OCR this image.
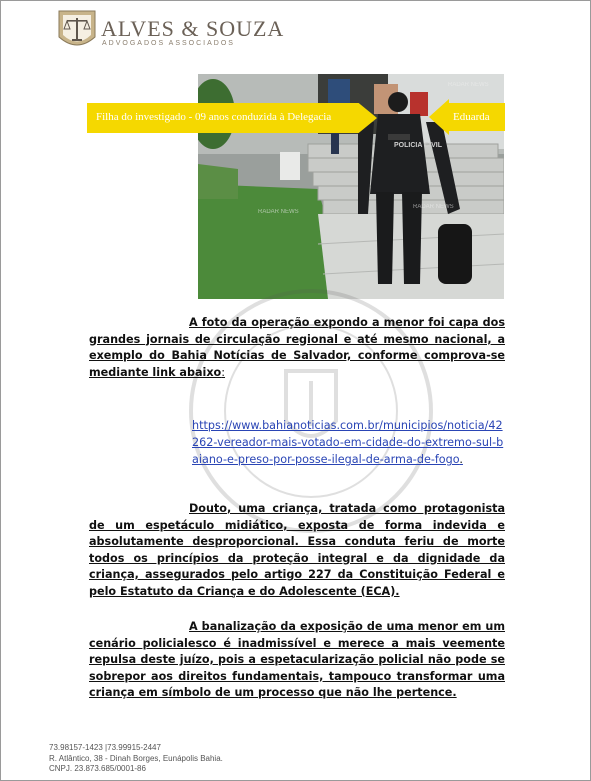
ALVES & SOUZA
ADVOGADOS ASSOCIADOS
POLICIA CIVIL
RADAR NEWS
RADAR NEWS
RADAR NEWS
Filha do investigado - 09 anos conduzida à Delegacia	Eduarda
A foto da operação expondo a menor foi capa dos grandes jornais de circulação regional e até mesmo nacional, a exemplo do Bahia Notícias de Salvador, conforme comprova-se mediante link abaixo:
https://www.bahianoticias.com.br/municipios/noticia/42262-vereador-mais-votado-em-cidade-do-extremo-sul-baiano-e-preso-por-posse-ilegal-de-arma-de-fogo.
Douto, uma criança, tratada como protagonista de um espetáculo midiático, exposta de forma indevida e absolutamente desproporcional. Essa conduta feriu de morte todos os princípios da proteção integral e da dignidade da criança, assegurados pelo artigo 227 da Constituição Federal e pelo Estatuto da Criança e do Adolescente (ECA).
A banalização da exposição de uma menor em um cenário policialesco é inadmissível e merece a mais veemente repulsa deste juízo, pois a espetacularização policial não pode se sobrepor aos direitos fundamentais, tampouco transformar uma criança em símbolo de um processo que não lhe pertence.
73.98157-1423 |73.99915-2447
R. Atlântico, 38 - Dinah Borges, Eunápolis Bahia.
CNPJ. 23.873.685/0001-86
